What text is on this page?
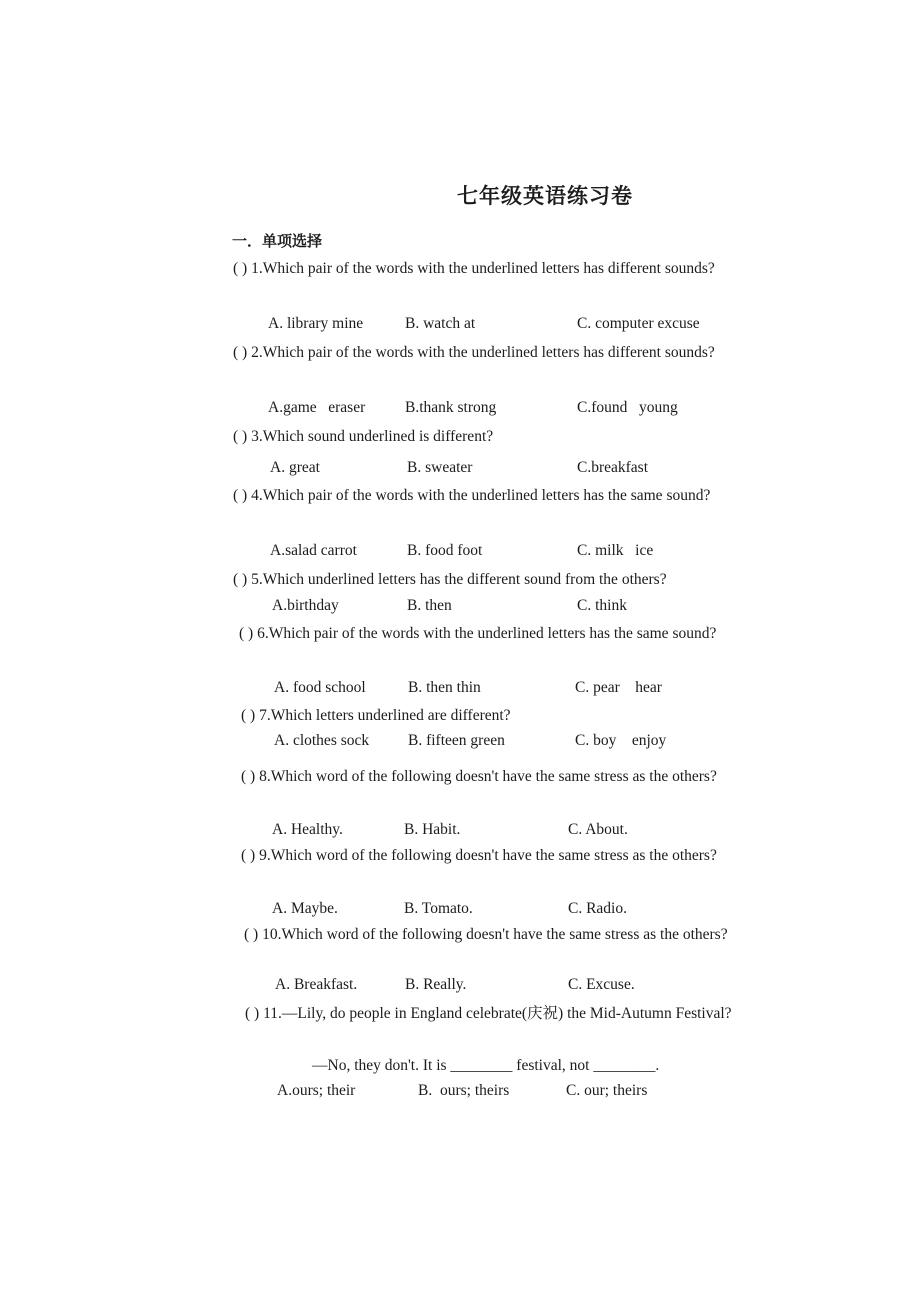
七年级英语练习卷
一．单项选择
( ) 1.Which pair of the words with the underlined letters has different sounds?
A. library mine	B. watch at	C. computer excuse
( ) 2.Which pair of the words with the underlined letters has different sounds?
A.game   eraser	B.thank strong	C.found   young
( ) 3.Which sound underlined is different?
A. great	B. sweater	C.breakfast
( ) 4.Which pair of the words with the underlined letters has the same sound?
A.salad carrot	B. food foot	C. milk   ice
( ) 5.Which underlined letters has the different sound from the others?
A.birthday	B. then	C. think
( ) 6.Which pair of the words with the underlined letters has the same sound?
A. food school	B. then thin	C. pear    hear
( ) 7.Which letters underlined are different?
A. clothes sock	B. fifteen green	C. boy    enjoy
( ) 8.Which word of the following doesn't have the same stress as the others?
A. Healthy.	B. Habit.	C. About.
( ) 9.Which word of the following doesn't have the same stress as the others?
A. Maybe.	B. Tomato.	C. Radio.
( ) 10.Which word of the following doesn't have the same stress as the others?
A. Breakfast.	B. Really.	C. Excuse.
( ) 11.—Lily, do people in England celebrate(庆祝) the Mid-Autumn Festival?
—No, they don't. It is ________ festival, not ________.
A.ours; their	B.  ours; theirs	C. our; theirs
